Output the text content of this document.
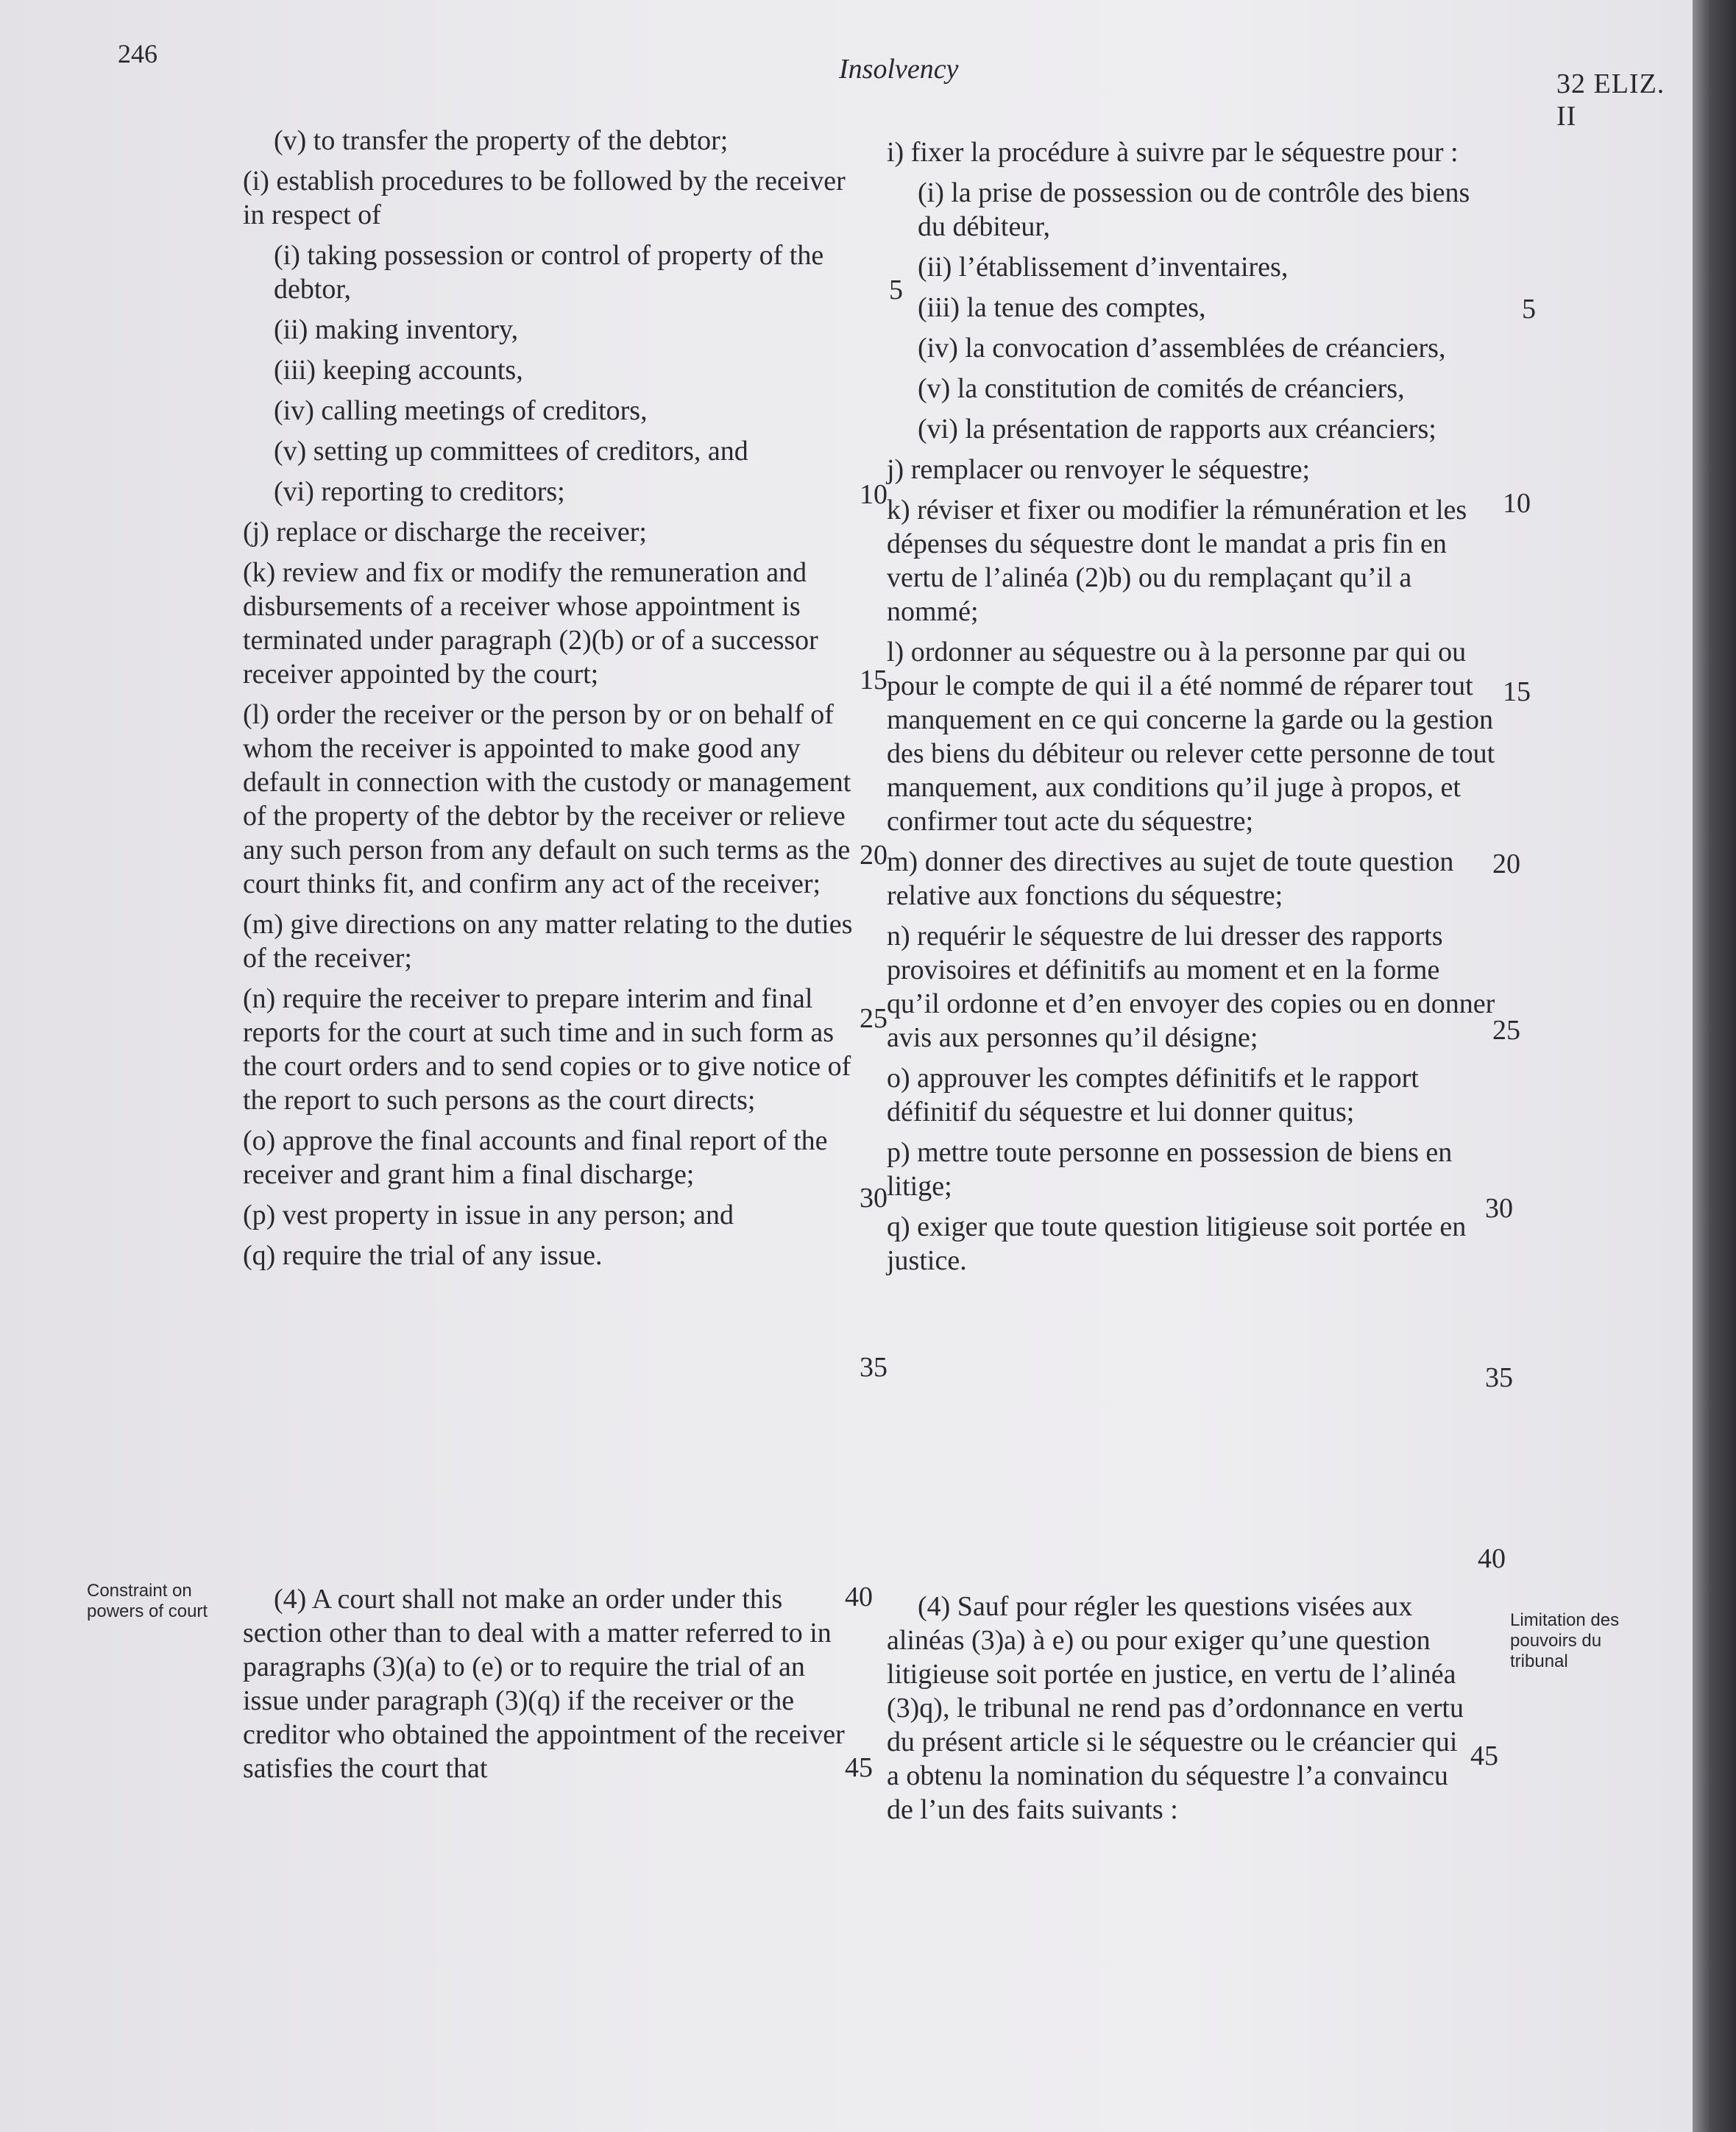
246	Insolvency	32 ELIZ. II

(v) to transfer the property of the debtor;

(i) establish procedures to be followed by the receiver in respect of

(i) taking possession or control of property of the debtor,

(ii) making inventory,

(iii) keeping accounts,

(iv) calling meetings of creditors,

(v) setting up committees of creditors, and

(vi) reporting to creditors;

(j) replace or discharge the receiver;

(k) review and fix or modify the remuneration and disbursements of a receiver whose appointment is terminated under paragraph (2)(b) or of a successor receiver appointed by the court;

(l) order the receiver or the person by or on behalf of whom the receiver is appointed to make good any default in connection with the custody or management of the property of the debtor by the receiver or relieve any such person from any default on such terms as the court thinks fit, and confirm any act of the receiver;

(m) give directions on any matter relating to the duties of the receiver;

(n) require the receiver to prepare interim and final reports for the court at such time and in such form as the court orders and to send copies or to give notice of the report to such persons as the court directs;

(o) approve the final accounts and final report of the receiver and grant him a final discharge;

(p) vest property in issue in any person; and

(q) require the trial of any issue.

(4) A court shall not make an order under this section other than to deal with a matter referred to in paragraphs (3)(a) to (e) or to require the trial of an issue under paragraph (3)(q) if the receiver or the creditor who obtained the appointment of the receiver satisfies the court that

Constraint on powers of court

i) fixer la procédure à suivre par le séquestre pour :

(i) la prise de possession ou de contrôle des biens du débiteur,

(ii) l’établissement d’inventaires,

(iii) la tenue des comptes,

(iv) la convocation d’assemblées de créanciers,

(v) la constitution de comités de créanciers,

(vi) la présentation de rapports aux créanciers;

j) remplacer ou renvoyer le séquestre;

k) réviser et fixer ou modifier la rémunération et les dépenses du séquestre dont le mandat a pris fin en vertu de l’alinéa (2)b) ou du remplaçant qu’il a nommé;

l) ordonner au séquestre ou à la personne par qui ou pour le compte de qui il a été nommé de réparer tout manquement en ce qui concerne la garde ou la gestion des biens du débiteur ou relever cette personne de tout manquement, aux conditions qu’il juge à propos, et confirmer tout acte du séquestre;

m) donner des directives au sujet de toute question relative aux fonctions du séquestre;

n) requérir le séquestre de lui dresser des rapports provisoires et définitifs au moment et en la forme qu’il ordonne et d’en envoyer des copies ou en donner avis aux personnes qu’il désigne;

o) approuver les comptes définitifs et le rapport définitif du séquestre et lui donner quitus;

p) mettre toute personne en possession de biens en litige;

q) exiger que toute question litigieuse soit portée en justice.

(4) Sauf pour régler les questions visées aux alinéas (3)a) à e) ou pour exiger qu’une question litigieuse soit portée en justice, en vertu de l’alinéa (3)q), le tribunal ne rend pas d’ordonnance en vertu du présent article si le séquestre ou le créancier qui a obtenu la nomination du séquestre l’a convaincu de l’un des faits suivants :

Limitation des pouvoirs du tribunal
5
10
15
20
25
30
35
40
45
5
10
15
20
25
30
35
40
45
